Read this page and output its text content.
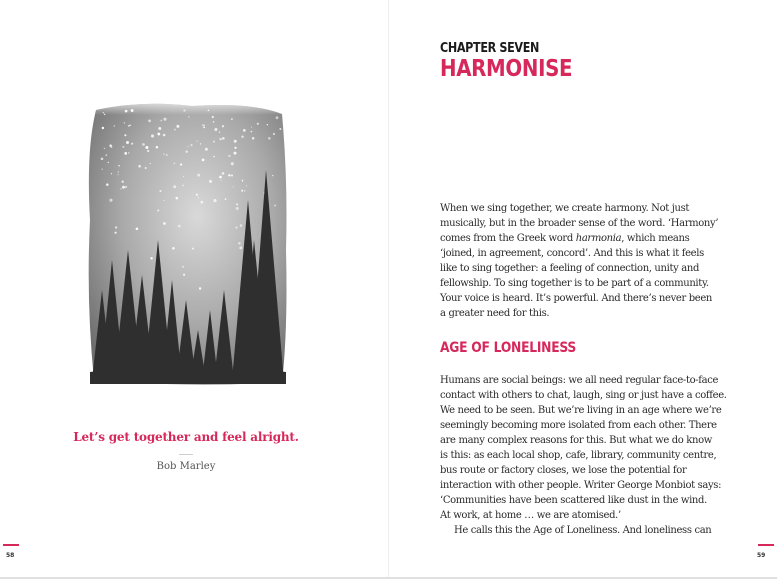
Let’s get together and feel alright.
Bob Marley
58
CHAPTER SEVEN
HARMONISE
When we sing together, we create harmony. Not just
musically, but in the broader sense of the word. ‘Harmony’
comes from the Greek word harmonia, which means
‘joined, in agreement, concord’. And this is what it feels
like to sing together: a feeling of connection, unity and
fellowship. To sing together is to be part of a community.
Your voice is heard. It’s powerful. And there’s never been
a greater need for this.
AGE OF LONELINESS
Humans are social beings: we all need regular face-to-face
contact with others to chat, laugh, sing or just have a coffee.
We need to be seen. But we’re living in an age where we’re
seemingly becoming more isolated from each other. There
are many complex reasons for this. But what we do know
is this: as each local shop, cafe, library, community centre,
bus route or factory closes, we lose the potential for
interaction with other people. Writer George Monbiot says:
‘Communities have been scattered like dust in the wind.
At work, at home … we are atomised.’
He calls this the Age of Loneliness. And loneliness can
59
